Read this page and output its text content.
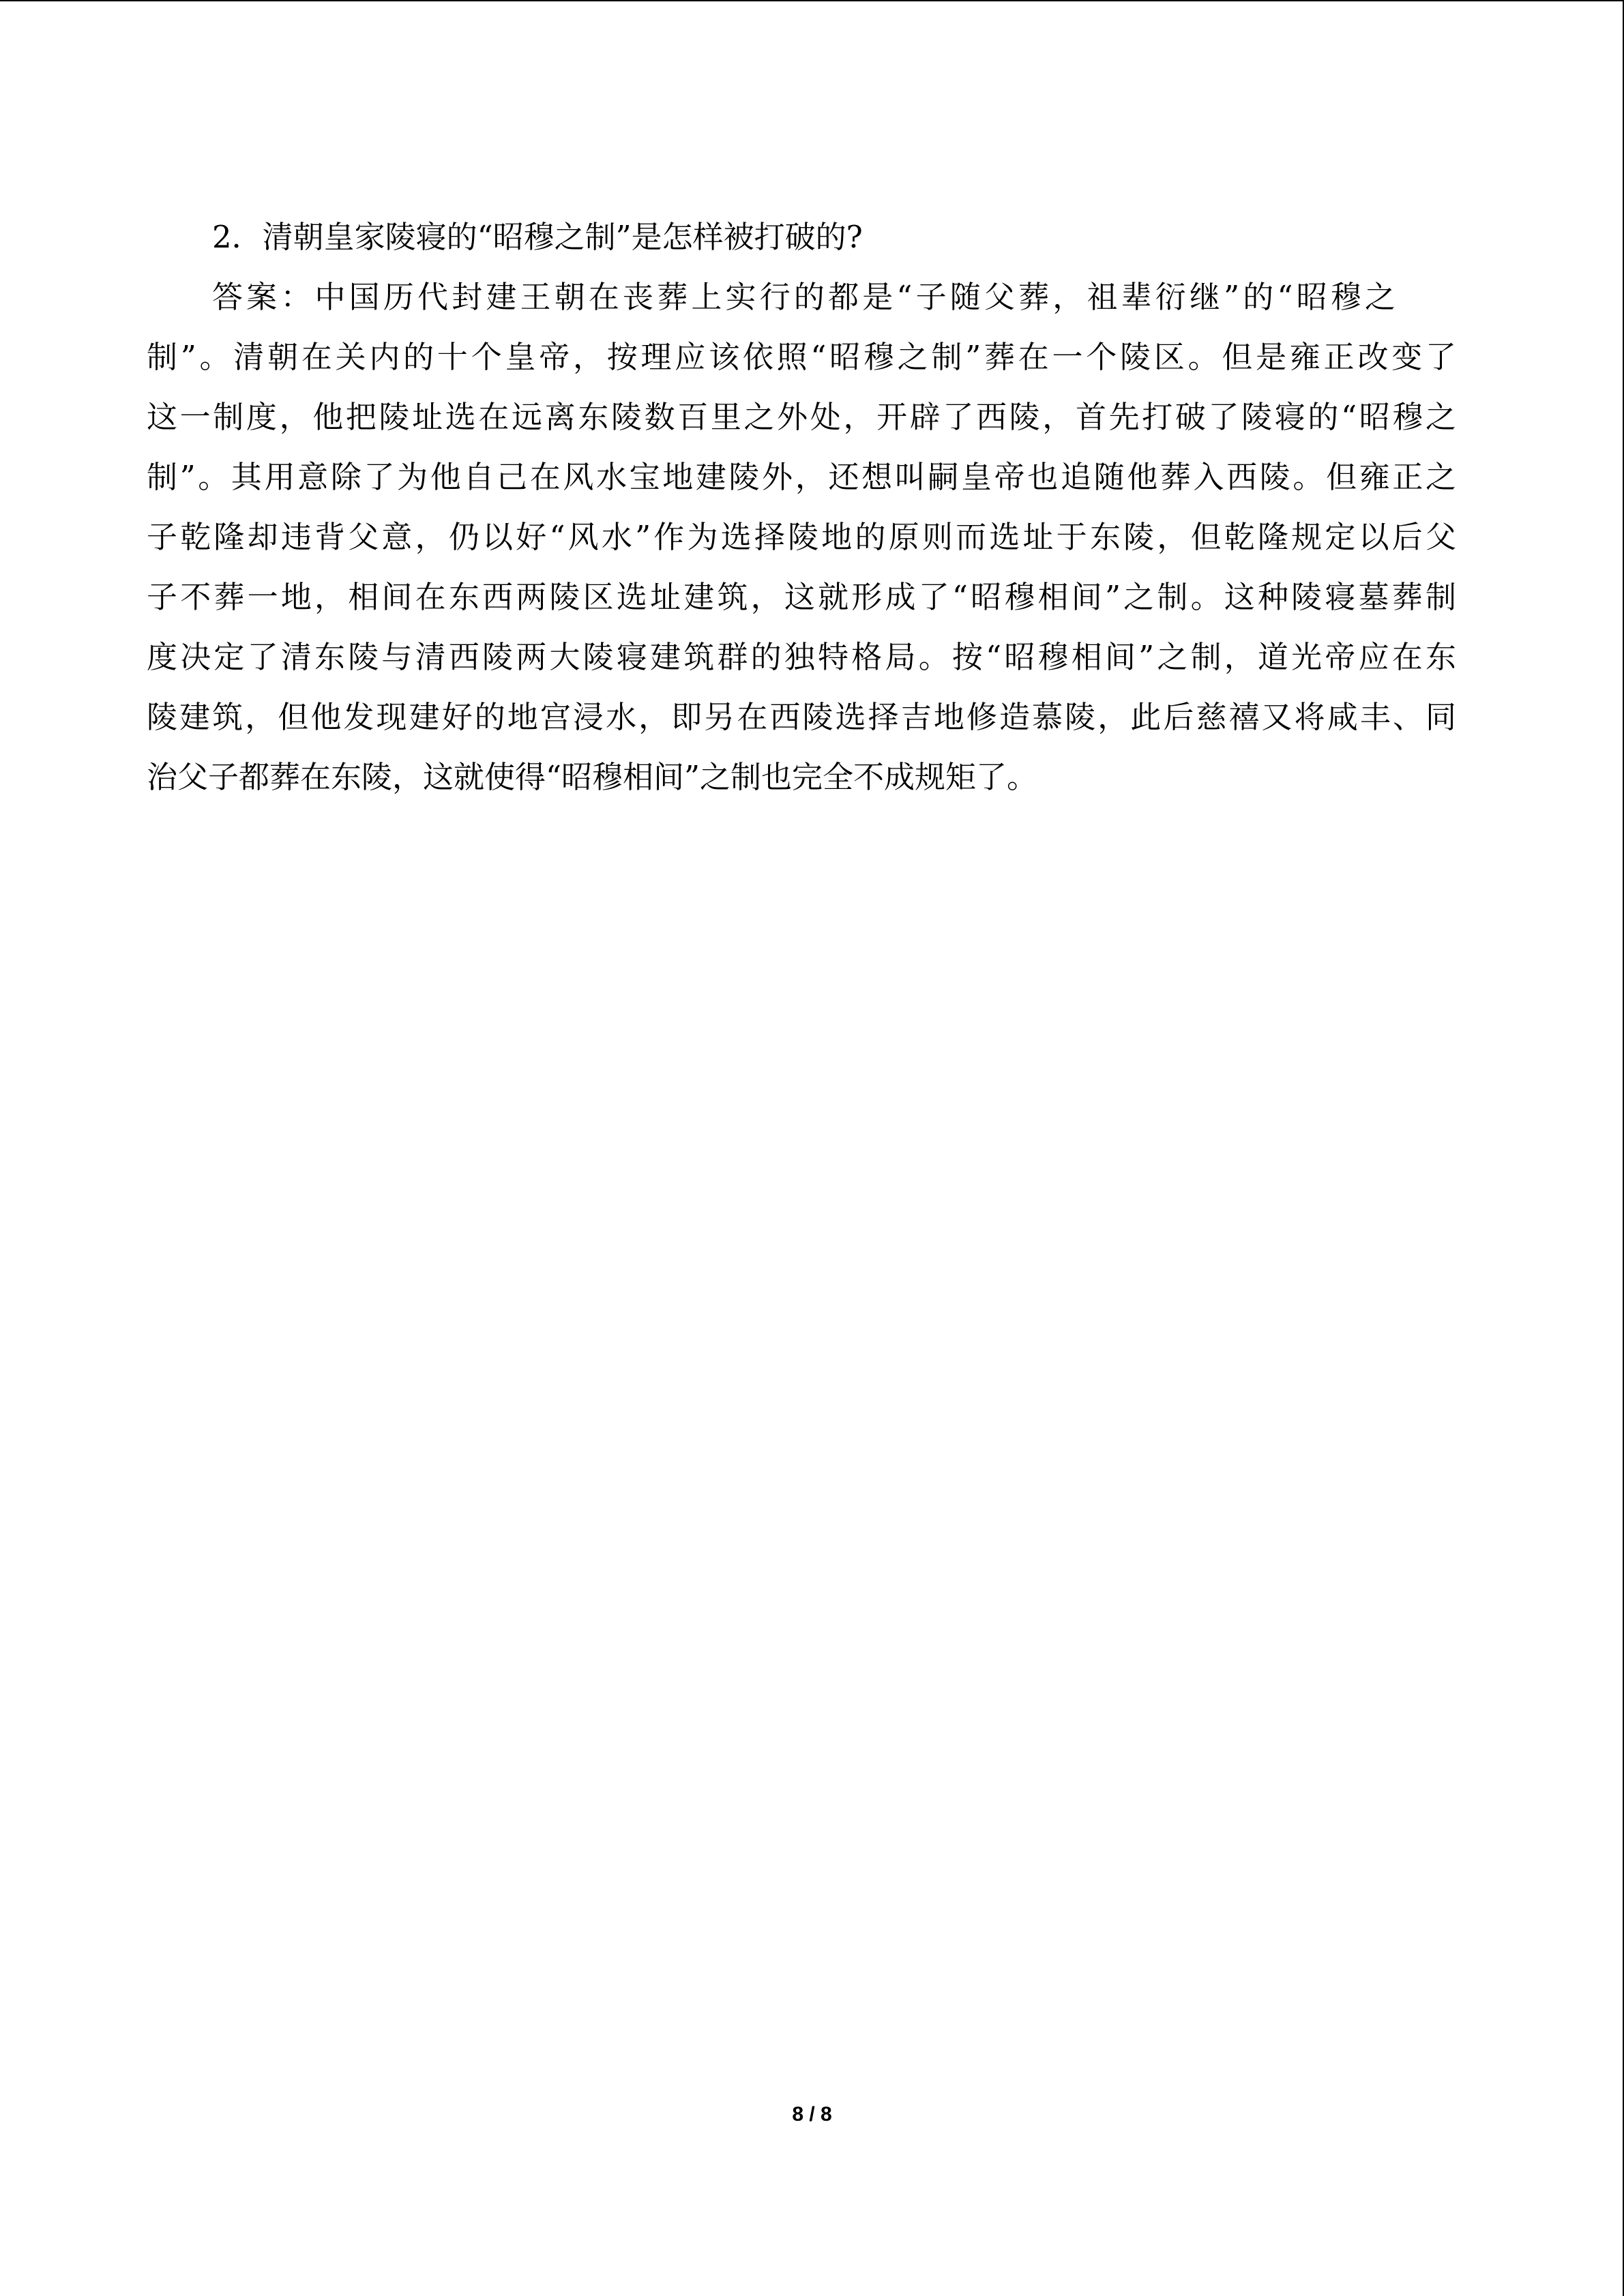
2．清朝皇家陵寝的“昭穆之制”是怎样被打破的?
答案：中国历代封建王朝在丧葬上实行的都是“子随父葬，祖辈衍继”的“昭穆之
制”。清朝在关内的十个皇帝，按理应该依照“昭穆之制”葬在一个陵区。但是雍正改变了
这一制度，他把陵址选在远离东陵数百里之外处，开辟了西陵，首先打破了陵寝的“昭穆之
制”。其用意除了为他自己在风水宝地建陵外，还想叫嗣皇帝也追随他葬入西陵。但雍正之
子乾隆却违背父意，仍以好“风水”作为选择陵地的原则而选址于东陵，但乾隆规定以后父
子不葬一地，相间在东西两陵区选址建筑，这就形成了“昭穆相间”之制。这种陵寝墓葬制
度决定了清东陵与清西陵两大陵寝建筑群的独特格局。按“昭穆相间”之制，道光帝应在东
陵建筑，但他发现建好的地宫浸水，即另在西陵选择吉地修造慕陵，此后慈禧又将咸丰、同
治父子都葬在东陵，这就使得“昭穆相间”之制也完全不成规矩了。
8 / 8
